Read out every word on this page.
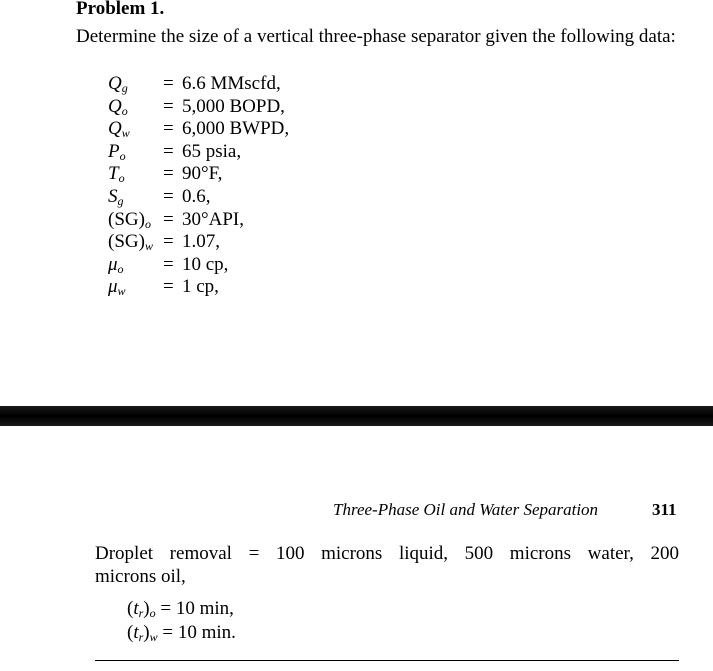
Problem 1.
Determine the size of a vertical three-phase separator given the following data:
$Q_g = 6.6$ MMscfd,
$Q_o = 5,000$ BOPD,
$Q_w = 6,000$ BWPD,
$P_o = 65$ psia,
$T_o = 90^\circ F$,
$S_g = 0.6$,
$(SG)_o = 30^\circ API$,
$(SG)_w = 1.07$,
$\mu_o = 10$ cp,
$\mu_w = 1$ cp,
Three-Phase Oil and Water Separation	311
Droplet removal = 100 microns liquid, 500 microns water, 200
microns oil,
$(t_r)_o = 10$ min,
$(t_r)_w = 10$ min.
